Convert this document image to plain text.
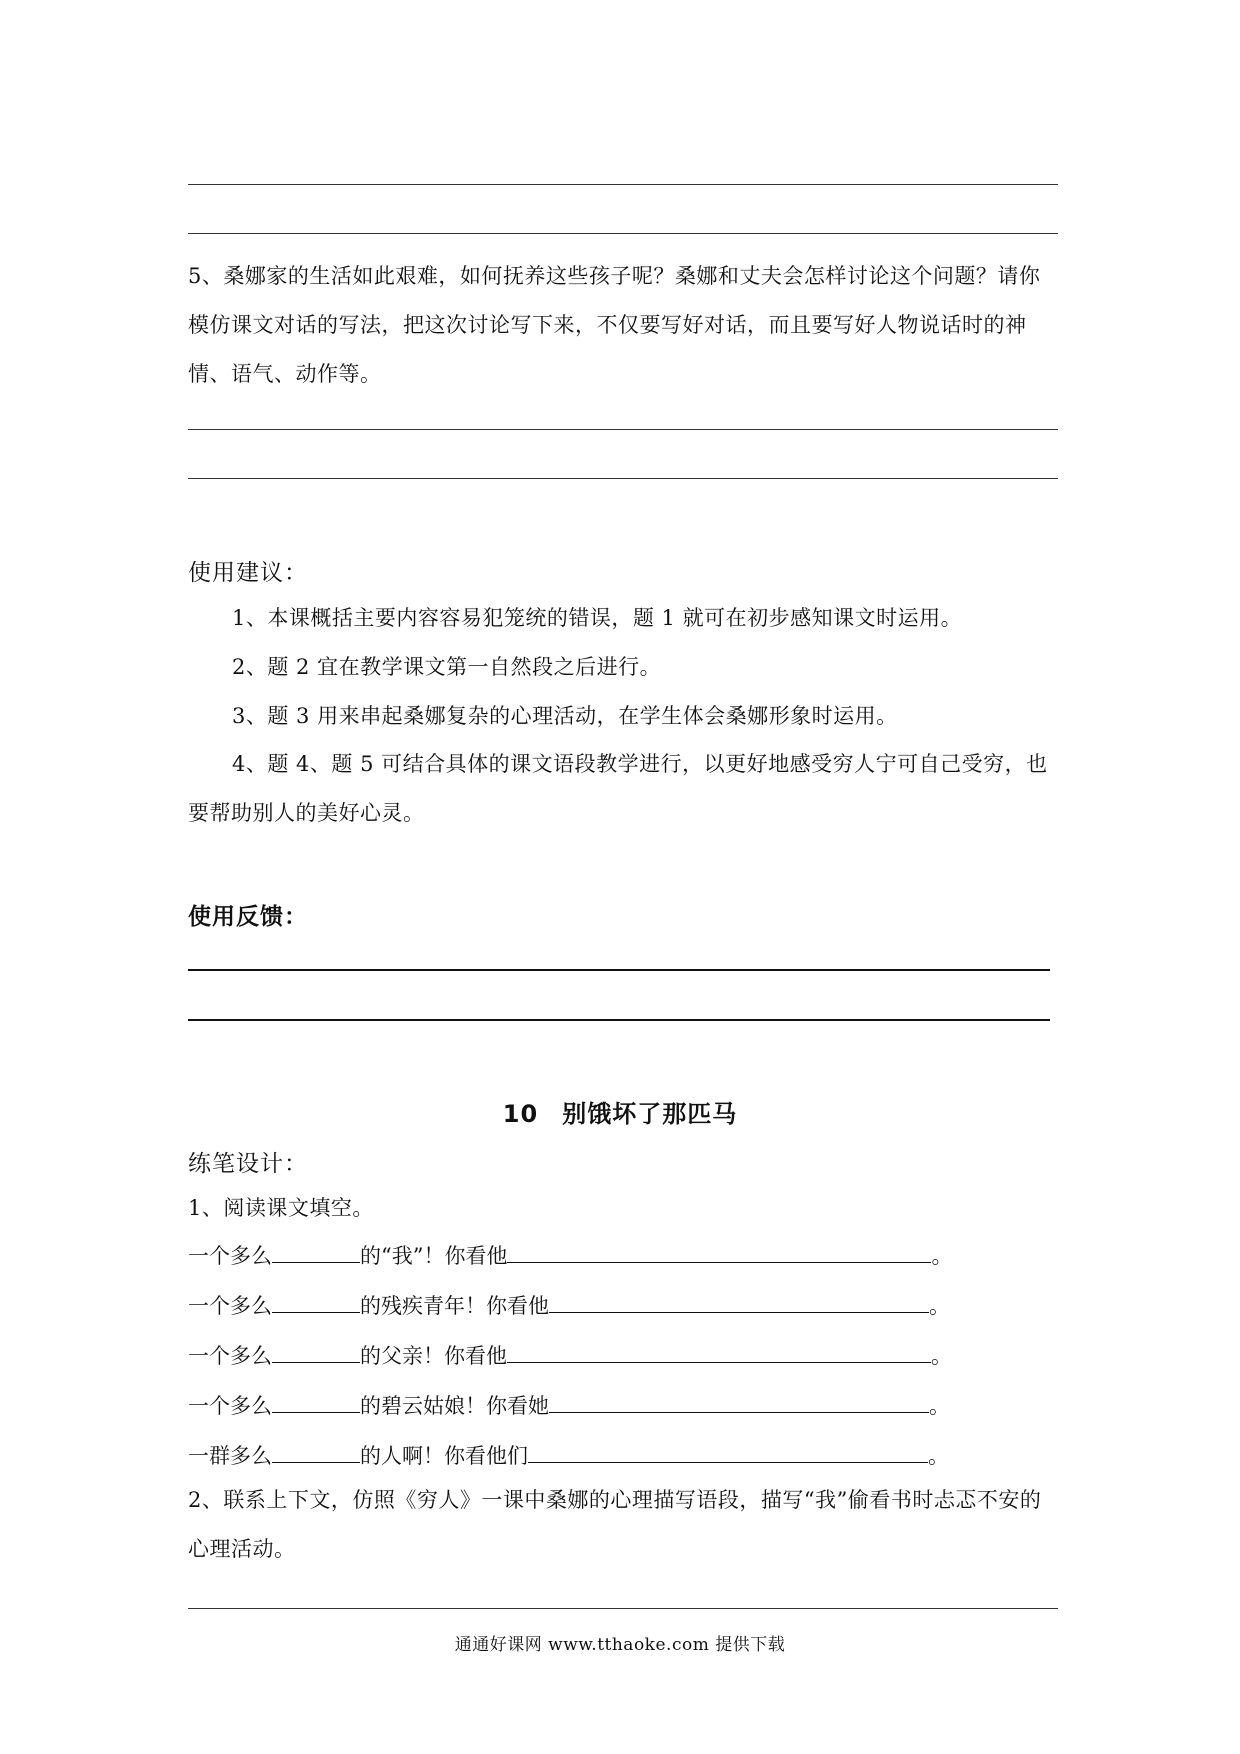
5、桑娜家的生活如此艰难，如何抚养这些孩子呢？桑娜和丈夫会怎样讨论这个问题？请你模仿课文对话的写法，把这次讨论写下来，不仅要写好对话，而且要写好人物说话时的神情、语气、动作等。

使用建议：

1、本课概括主要内容容易犯笼统的错误，题 1 就可在初步感知课文时运用。

2、题 2 宜在教学课文第一自然段之后进行。

3、题 3 用来串起桑娜复杂的心理活动，在学生体会桑娜形象时运用。

4、题 4、题 5 可结合具体的课文语段教学进行，以更好地感受穷人宁可自己受穷，也要帮助别人的美好心灵。

使用反馈：

10 别饿坏了那匹马

练笔设计：

1、阅读课文填空。

一个多么	的“我”！你看他	。
一个多么	的残疾青年！你看他	。
一个多么	的父亲！你看他	。
一个多么	的碧云姑娘！你看她	。
一群多么	的人啊！你看他们	。

2、联系上下文，仿照《穷人》一课中桑娜的心理描写语段，描写“我”偷看书时忐忑不安的心理活动。

通通好课网 www.tthaoke.com 提供下载
